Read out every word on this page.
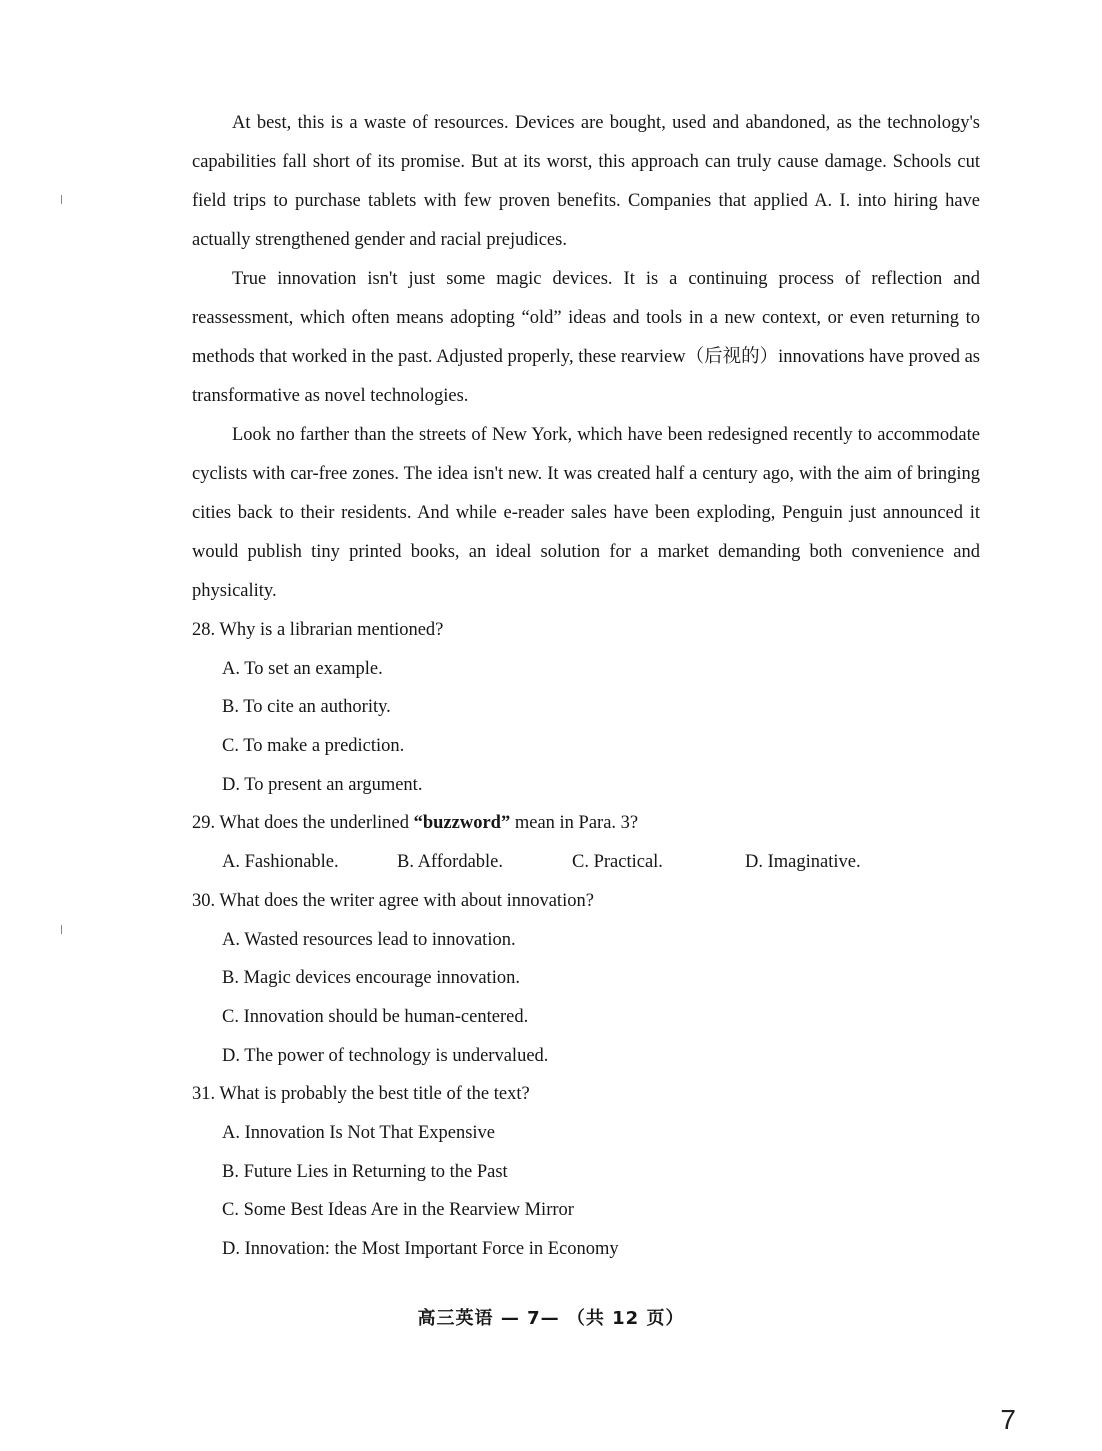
At best, this is a waste of resources. Devices are bought, used and abandoned, as the technology's capabilities fall short of its promise. But at its worst, this approach can truly cause damage. Schools cut field trips to purchase tablets with few proven benefits. Companies that applied A. I. into hiring have actually strengthened gender and racial prejudices.

True innovation isn't just some magic devices. It is a continuing process of reflection and reassessment, which often means adopting “old” ideas and tools in a new context, or even returning to methods that worked in the past. Adjusted properly, these rearview（后视的）innovations have proved as transformative as novel technologies.

Look no farther than the streets of New York, which have been redesigned recently to accommodate cyclists with car-free zones. The idea isn't new. It was created half a century ago, with the aim of bringing cities back to their residents. And while e-reader sales have been exploding, Penguin just announced it would publish tiny printed books, an ideal solution for a market demanding both convenience and physicality.

28. Why is a librarian mentioned?
A. To set an example.
B. To cite an authority.
C. To make a prediction.
D. To present an argument.
29. What does the underlined “buzzword” mean in Para. 3?
A. Fashionable.	B. Affordable.	C. Practical.	D. Imaginative.
30. What does the writer agree with about innovation?
A. Wasted resources lead to innovation.
B. Magic devices encourage innovation.
C. Innovation should be human-centered.
D. The power of technology is undervalued.
31. What is probably the best title of the text?
A. Innovation Is Not That Expensive
B. Future Lies in Returning to the Past
C. Some Best Ideas Are in the Rearview Mirror
D. Innovation: the Most Important Force in Economy
高三英语 — 7— （共 12 页）
7
